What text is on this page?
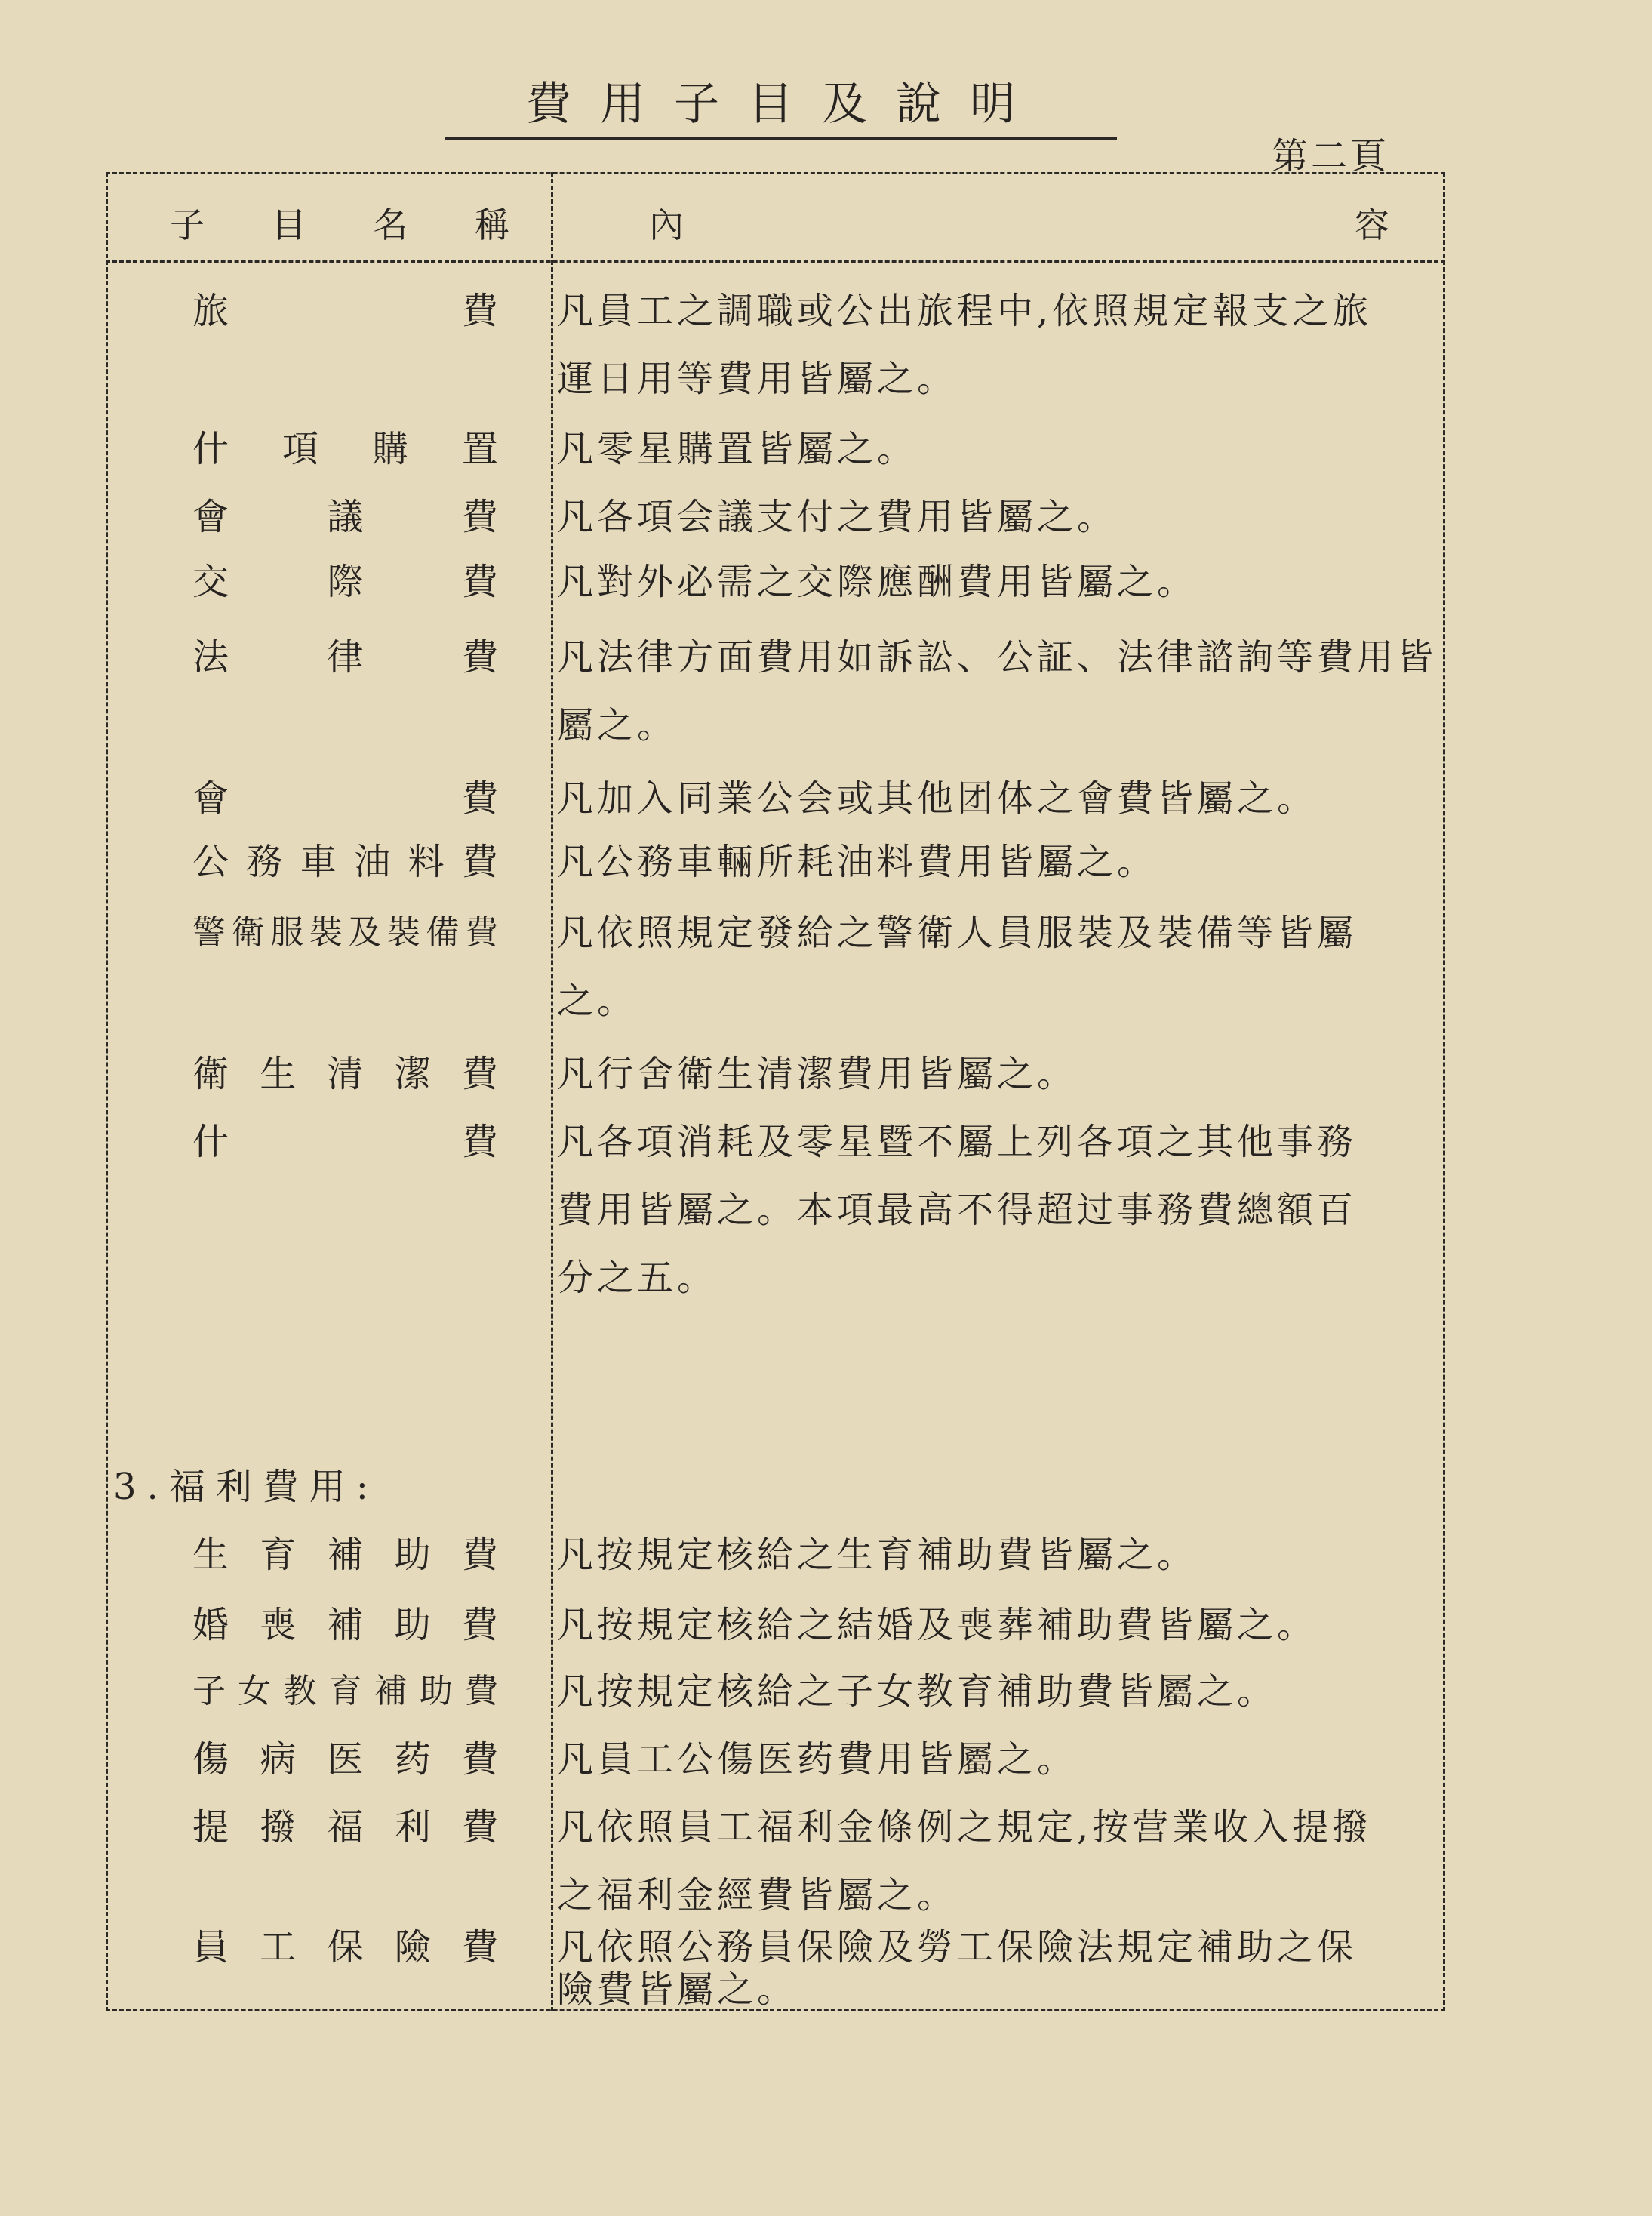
費用子目及說明
第二頁
子目名稱	內	容
旅費 凡員工之調職或公出旅程中,依照規定報支之旅
運日用等費用皆屬之。
什項購置 凡零星購置皆屬之。
會議費 凡各項会議支付之費用皆屬之。
交際費 凡對外必需之交際應酬費用皆屬之。
法律費 凡法律方面費用如訴訟、公証、法律諮詢等費用皆
屬之。
會費 凡加入同業公会或其他团体之會費皆屬之。
公務車油料費 凡公務車輛所耗油料費用皆屬之。
警衛服裝及裝備費 凡依照規定發給之警衛人員服裝及裝備等皆屬
之。
衛生清潔費 凡行舍衛生清潔費用皆屬之。
什費 凡各項消耗及零星暨不屬上列各項之其他事務
費用皆屬之。本項最高不得超过事務費總額百
分之五。
生育補助費 凡按規定核給之生育補助費皆屬之。
婚喪補助費 凡按規定核給之結婚及喪葬補助費皆屬之。
子女教育補助費 凡按規定核給之子女教育補助費皆屬之。
傷病医药費 凡員工公傷医药費用皆屬之。
提撥福利費 凡依照員工福利金條例之規定,按营業收入提撥
之福利金經費皆屬之。
員工保險費 凡依照公務員保險及勞工保險法規定補助之保
險費皆屬之。
3.福利費用:
